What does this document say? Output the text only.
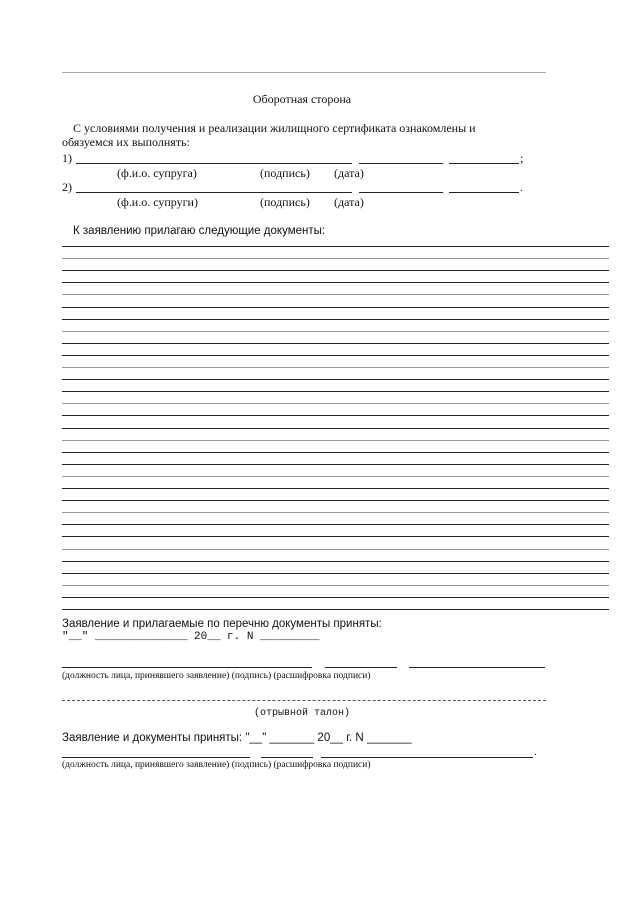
Оборотная сторона
С условиями получения и реализации жилищного сертификата ознакомлены и
обязуемся их выполнять:
1)	;
(ф.и.о. супруга)	(подпись) (дата)
2)	.
(ф.и.о. супруги)	(подпись) (дата)
К заявлению прилагаю следующие документы:
Заявление и прилагаемые по перечню документы приняты:
"__" ______________ 20__ г. N _________
(должность лица, принявшего заявление) (подпись) (расшифровка подписи)
(отрывной талон)
Заявление и документы приняты: "__" _______ 20__ г. N _______
.
(должность лица, принявшего заявление) (подпись) (расшифровка подписи)
